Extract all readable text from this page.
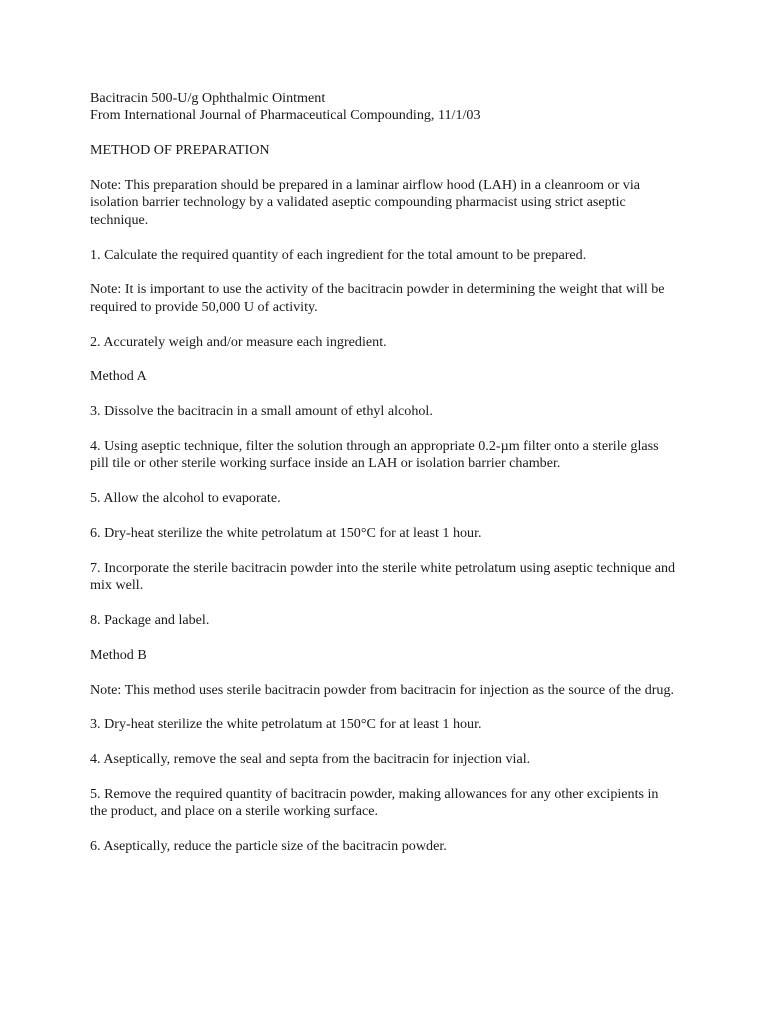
Bacitracin 500-U/g Ophthalmic Ointment
From International Journal of Pharmaceutical Compounding, 11/1/03

METHOD OF PREPARATION

Note: This preparation should be prepared in a laminar airflow hood (LAH) in a cleanroom or via isolation barrier technology by a validated aseptic compounding pharmacist using strict aseptic technique.

1. Calculate the required quantity of each ingredient for the total amount to be prepared.

Note: It is important to use the activity of the bacitracin powder in determining the weight that will be required to provide 50,000 U of activity.

2. Accurately weigh and/or measure each ingredient.

Method A

3. Dissolve the bacitracin in a small amount of ethyl alcohol.

4. Using aseptic technique, filter the solution through an appropriate 0.2-µm filter onto a sterile glass pill tile or other sterile working surface inside an LAH or isolation barrier chamber.

5. Allow the alcohol to evaporate.

6. Dry-heat sterilize the white petrolatum at 150°C for at least 1 hour.

7. Incorporate the sterile bacitracin powder into the sterile white petrolatum using aseptic technique and mix well.

8. Package and label.

Method B

Note: This method uses sterile bacitracin powder from bacitracin for injection as the source of the drug.

3. Dry-heat sterilize the white petrolatum at 150°C for at least 1 hour.

4. Aseptically, remove the seal and septa from the bacitracin for injection vial.

5. Remove the required quantity of bacitracin powder, making allowances for any other excipients in the product, and place on a sterile working surface.

6. Aseptically, reduce the particle size of the bacitracin powder.
